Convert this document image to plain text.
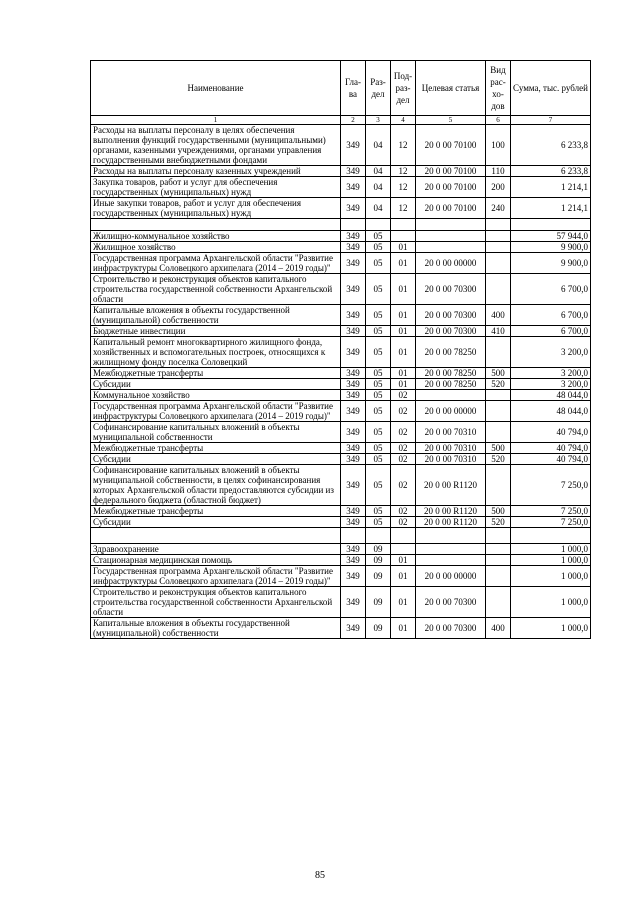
Наименование	Гла-ва	Раз-дел	Под-раз-дел	Целевая статья	Вид рас-хо-дов	Сумма, тыс. рублей
1	2	3	4	5	6	7
Расходы на выплаты персоналу в целях обеспечения выполнения функций государственными (муниципальными) органами, казенными учреждениями, органами управления государственными внебюджетными фондами	349	04	12	20 0 00 70100	100	6 233,8
Расходы на выплаты персоналу казенных учреждений	349	04	12	20 0 00 70100	110	6 233,8
Закупка товаров, работ и услуг для обеспечения государственных (муниципальных) нужд	349	04	12	20 0 00 70100	200	1 214,1
Иные закупки товаров, работ и услуг для обеспечения государственных (муниципальных) нужд	349	04	12	20 0 00 70100	240	1 214,1

Жилищно-коммунальное хозяйство	349	05				57 944,0
Жилищное хозяйство	349	05	01			9 900,0
Государственная программа Архангельской области "Развитие инфраструктуры Соловецкого архипелага (2014 – 2019 годы)"	349	05	01	20 0 00 00000		9 900,0
Строительство и реконструкция объектов капитального строительства государственной собственности Архангельской области	349	05	01	20 0 00 70300		6 700,0
Капитальные вложения в объекты государственной (муниципальной) собственности	349	05	01	20 0 00 70300	400	6 700,0
Бюджетные инвестиции	349	05	01	20 0 00 70300	410	6 700,0
Капитальный ремонт многоквартирного жилищного фонда, хозяйственных и вспомогательных построек, относящихся к жилищному фонду поселка Соловецкий	349	05	01	20 0 00 78250		3 200,0
Межбюджетные трансферты	349	05	01	20 0 00 78250	500	3 200,0
Субсидии	349	05	01	20 0 00 78250	520	3 200,0
Коммунальное хозяйство	349	05	02			48 044,0
Государственная программа Архангельской области "Развитие инфраструктуры Соловецкого архипелага (2014 – 2019 годы)"	349	05	02	20 0 00 00000		48 044,0
Софинансирование капитальных вложений в объекты муниципальной собственности	349	05	02	20 0 00 70310		40 794,0
Межбюджетные трансферты	349	05	02	20 0 00 70310	500	40 794,0
Субсидии	349	05	02	20 0 00 70310	520	40 794,0
Софинансирование капитальных вложений в объекты муниципальной собственности, в целях софинансирования которых Архангельской области предоставляются субсидии из федерального бюджета (областной бюджет)	349	05	02	20 0 00 R1120		7 250,0
Межбюджетные трансферты	349	05	02	20 0 00 R1120	500	7 250,0
Субсидии	349	05	02	20 0 00 R1120	520	7 250,0

Здравоохранение	349	09				1 000,0
Стационарная медицинская помощь	349	09	01			1 000,0
Государственная программа Архангельской области "Развитие инфраструктуры Соловецкого архипелага (2014 – 2019 годы)"	349	09	01	20 0 00 00000		1 000,0
Строительство и реконструкция объектов капитального строительства государственной собственности Архангельской области	349	09	01	20 0 00 70300		1 000,0
Капитальные вложения в объекты государственной (муниципальной) собственности	349	09	01	20 0 00 70300	400	1 000,0
85
